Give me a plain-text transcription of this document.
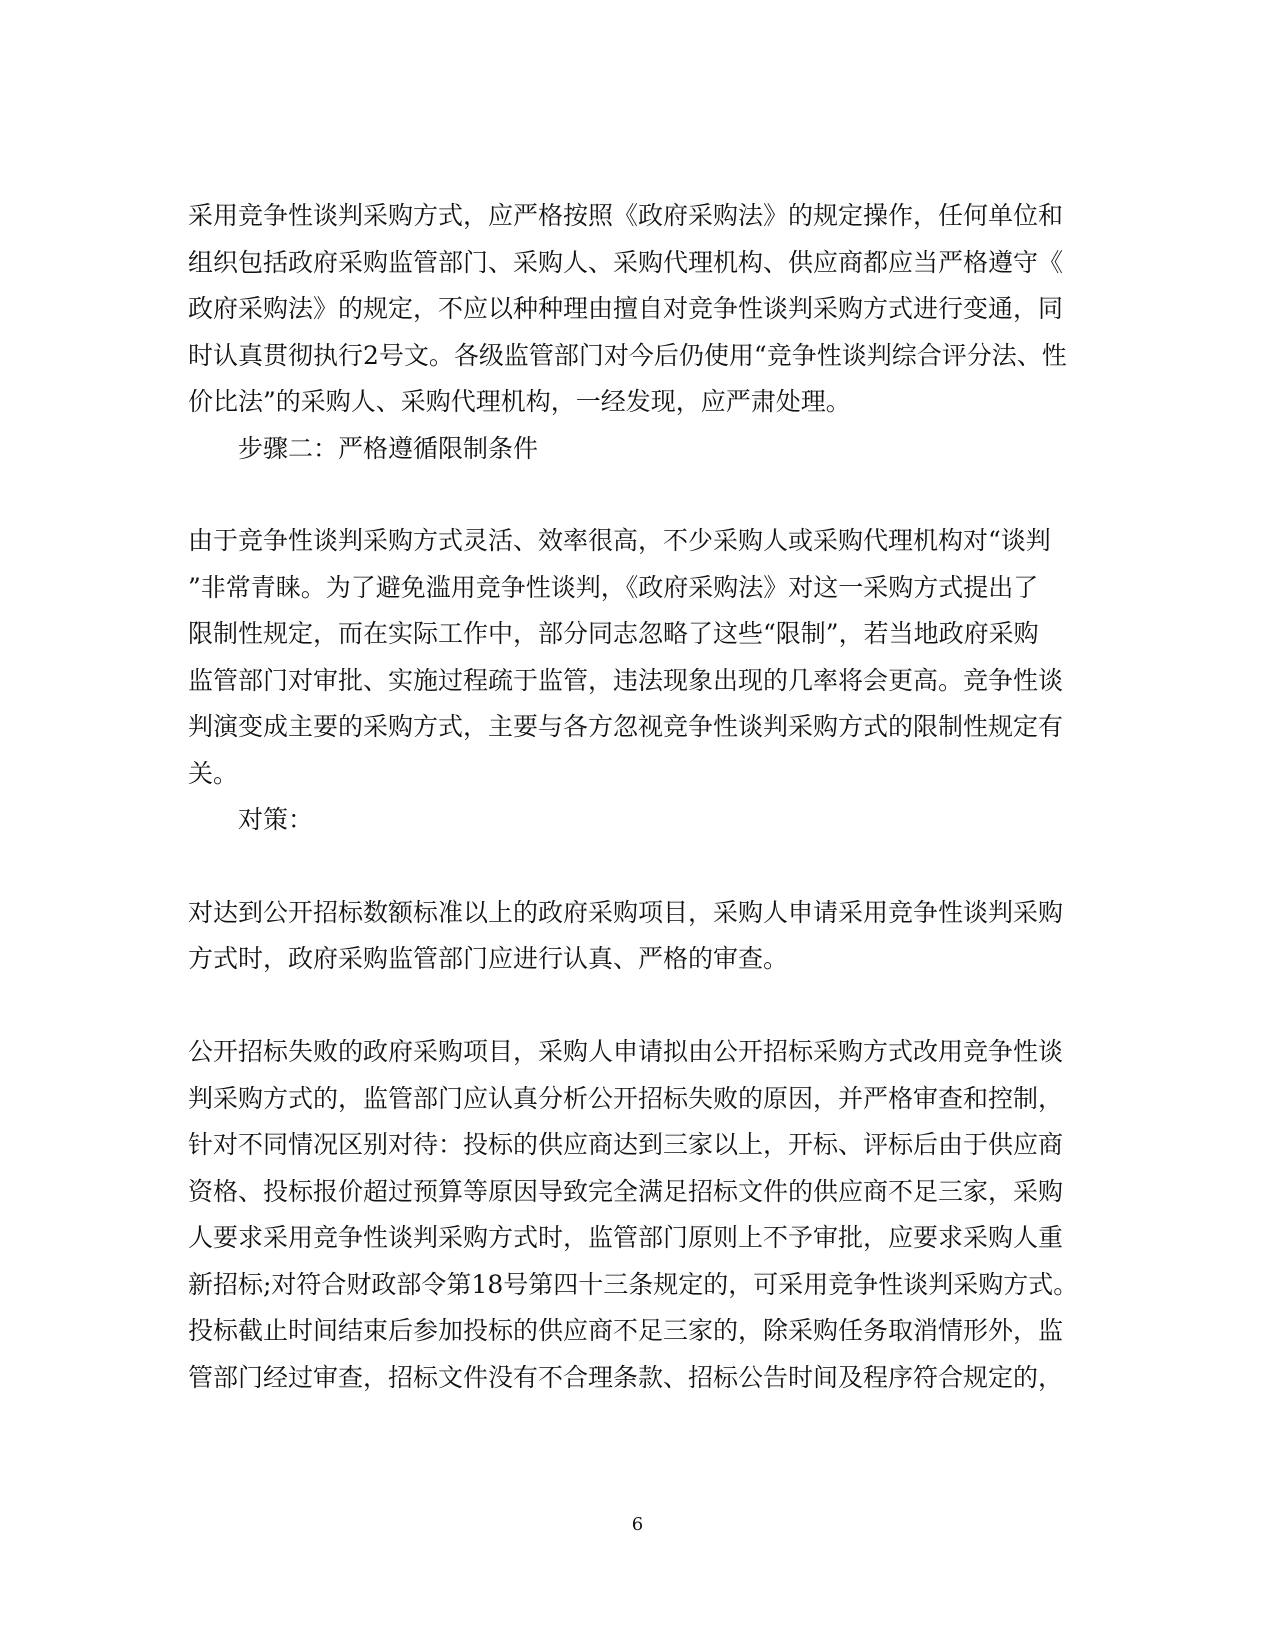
采用竞争性谈判采购方式，应严格按照《政府采购法》的规定操作，任何单位和
组织包括政府采购监管部门、采购人、采购代理机构、供应商都应当严格遵守《
政府采购法》的规定，不应以种种理由擅自对竞争性谈判采购方式进行变通，同
时认真贯彻执行2号文。各级监管部门对今后仍使用“竞争性谈判综合评分法、性
价比法”的采购人、采购代理机构，一经发现，应严肃处理。
步骤二：严格遵循限制条件
由于竞争性谈判采购方式灵活、效率很高，不少采购人或采购代理机构对“谈判
”非常青睐。为了避免滥用竞争性谈判，《政府采购法》对这一采购方式提出了
限制性规定，而在实际工作中，部分同志忽略了这些“限制”，若当地政府采购
监管部门对审批、实施过程疏于监管，违法现象出现的几率将会更高。竞争性谈
判演变成主要的采购方式，主要与各方忽视竞争性谈判采购方式的限制性规定有
关。
对策：
对达到公开招标数额标准以上的政府采购项目，采购人申请采用竞争性谈判采购
方式时，政府采购监管部门应进行认真、严格的审查。
公开招标失败的政府采购项目，采购人申请拟由公开招标采购方式改用竞争性谈
判采购方式的，监管部门应认真分析公开招标失败的原因，并严格审查和控制，
针对不同情况区别对待：投标的供应商达到三家以上，开标、评标后由于供应商
资格、投标报价超过预算等原因导致完全满足招标文件的供应商不足三家，采购
人要求采用竞争性谈判采购方式时，监管部门原则上不予审批，应要求采购人重
新招标;对符合财政部令第18号第四十三条规定的，可采用竞争性谈判采购方式。
投标截止时间结束后参加投标的供应商不足三家的，除采购任务取消情形外，监
管部门经过审查，招标文件没有不合理条款、招标公告时间及程序符合规定的，
6
